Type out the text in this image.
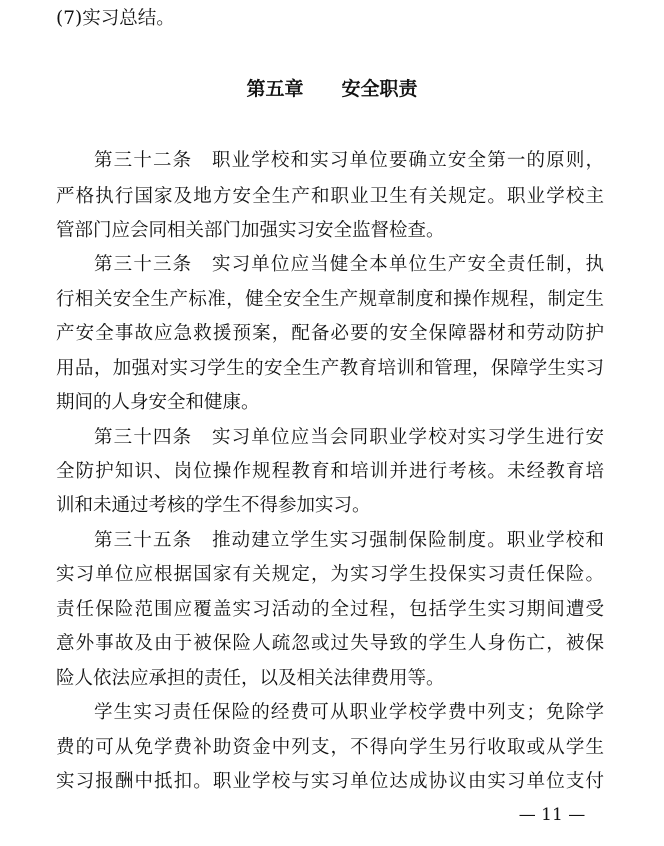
(7)实习总结。
第五章　　安全职责
第三十二条　职业学校和实习单位要确立安全第一的原则，
严格执行国家及地方安全生产和职业卫生有关规定。职业学校主
管部门应会同相关部门加强实习安全监督检查。
第三十三条　实习单位应当健全本单位生产安全责任制，执
行相关安全生产标准，健全安全生产规章制度和操作规程，制定生
产安全事故应急救援预案，配备必要的安全保障器材和劳动防护
用品，加强对实习学生的安全生产教育培训和管理，保障学生实习
期间的人身安全和健康。
第三十四条　实习单位应当会同职业学校对实习学生进行安
全防护知识、岗位操作规程教育和培训并进行考核。未经教育培
训和未通过考核的学生不得参加实习。
第三十五条　推动建立学生实习强制保险制度。职业学校和
实习单位应根据国家有关规定，为实习学生投保实习责任保险。
责任保险范围应覆盖实习活动的全过程，包括学生实习期间遭受
意外事故及由于被保险人疏忽或过失导致的学生人身伤亡，被保
险人依法应承担的责任，以及相关法律费用等。
学生实习责任保险的经费可从职业学校学费中列支；免除学
费的可从免学费补助资金中列支，不得向学生另行收取或从学生
实习报酬中抵扣。职业学校与实习单位达成协议由实习单位支付
— 11 —
